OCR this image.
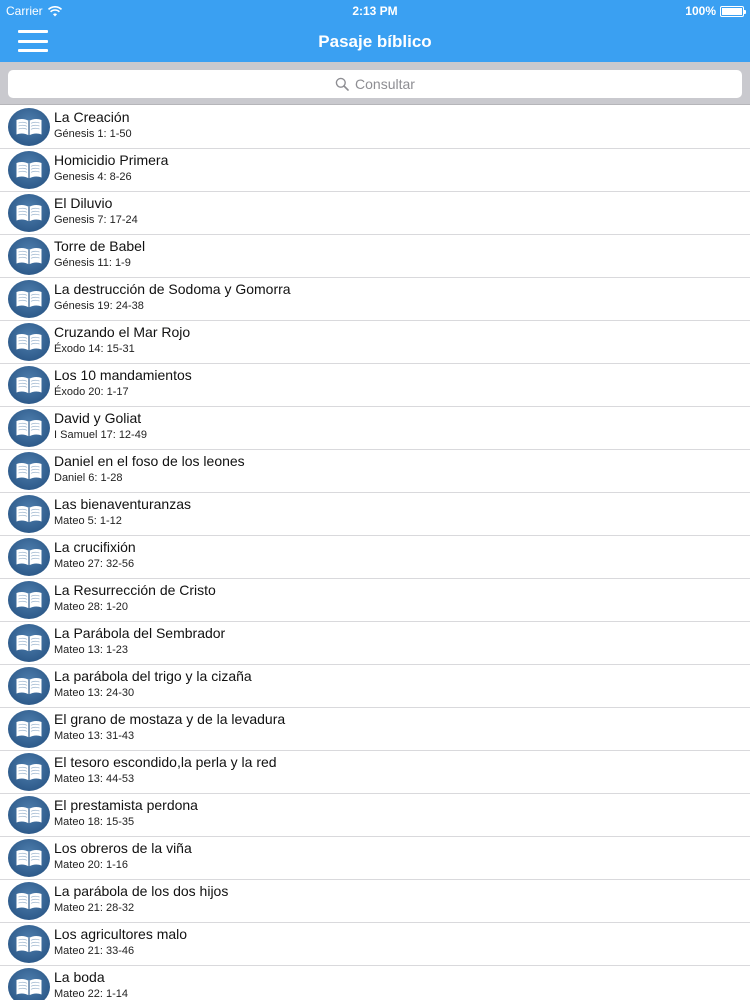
Carrier	2:13 PM	100%
Pasaje bíblico
Consultar
La Creación
Génesis 1: 1-50
Homicidio Primera
Genesis 4: 8-26
El Diluvio
Genesis 7: 17-24
Torre de Babel
Génesis 11: 1-9
La destrucción de Sodoma y Gomorra
Génesis 19: 24-38
Cruzando el Mar Rojo
Éxodo 14: 15-31
Los 10 mandamientos
Éxodo 20: 1-17
David y Goliat
I Samuel 17: 12-49
Daniel en el foso de los leones
Daniel 6: 1-28
Las bienaventuranzas
Mateo 5: 1-12
La crucifixión
Mateo 27: 32-56
La Resurrección de Cristo
Mateo 28: 1-20
La Parábola del Sembrador
Mateo 13: 1-23
La parábola del trigo y la cizaña
Mateo 13: 24-30
El grano de mostaza y de la levadura
Mateo 13: 31-43
El tesoro escondido,la perla y la red
Mateo 13: 44-53
El prestamista perdona
Mateo 18: 15-35
Los obreros de la viña
Mateo 20: 1-16
La parábola de los dos hijos
Mateo 21: 28-32
Los agricultores malo
Mateo 21: 33-46
La boda
Mateo 22: 1-14
